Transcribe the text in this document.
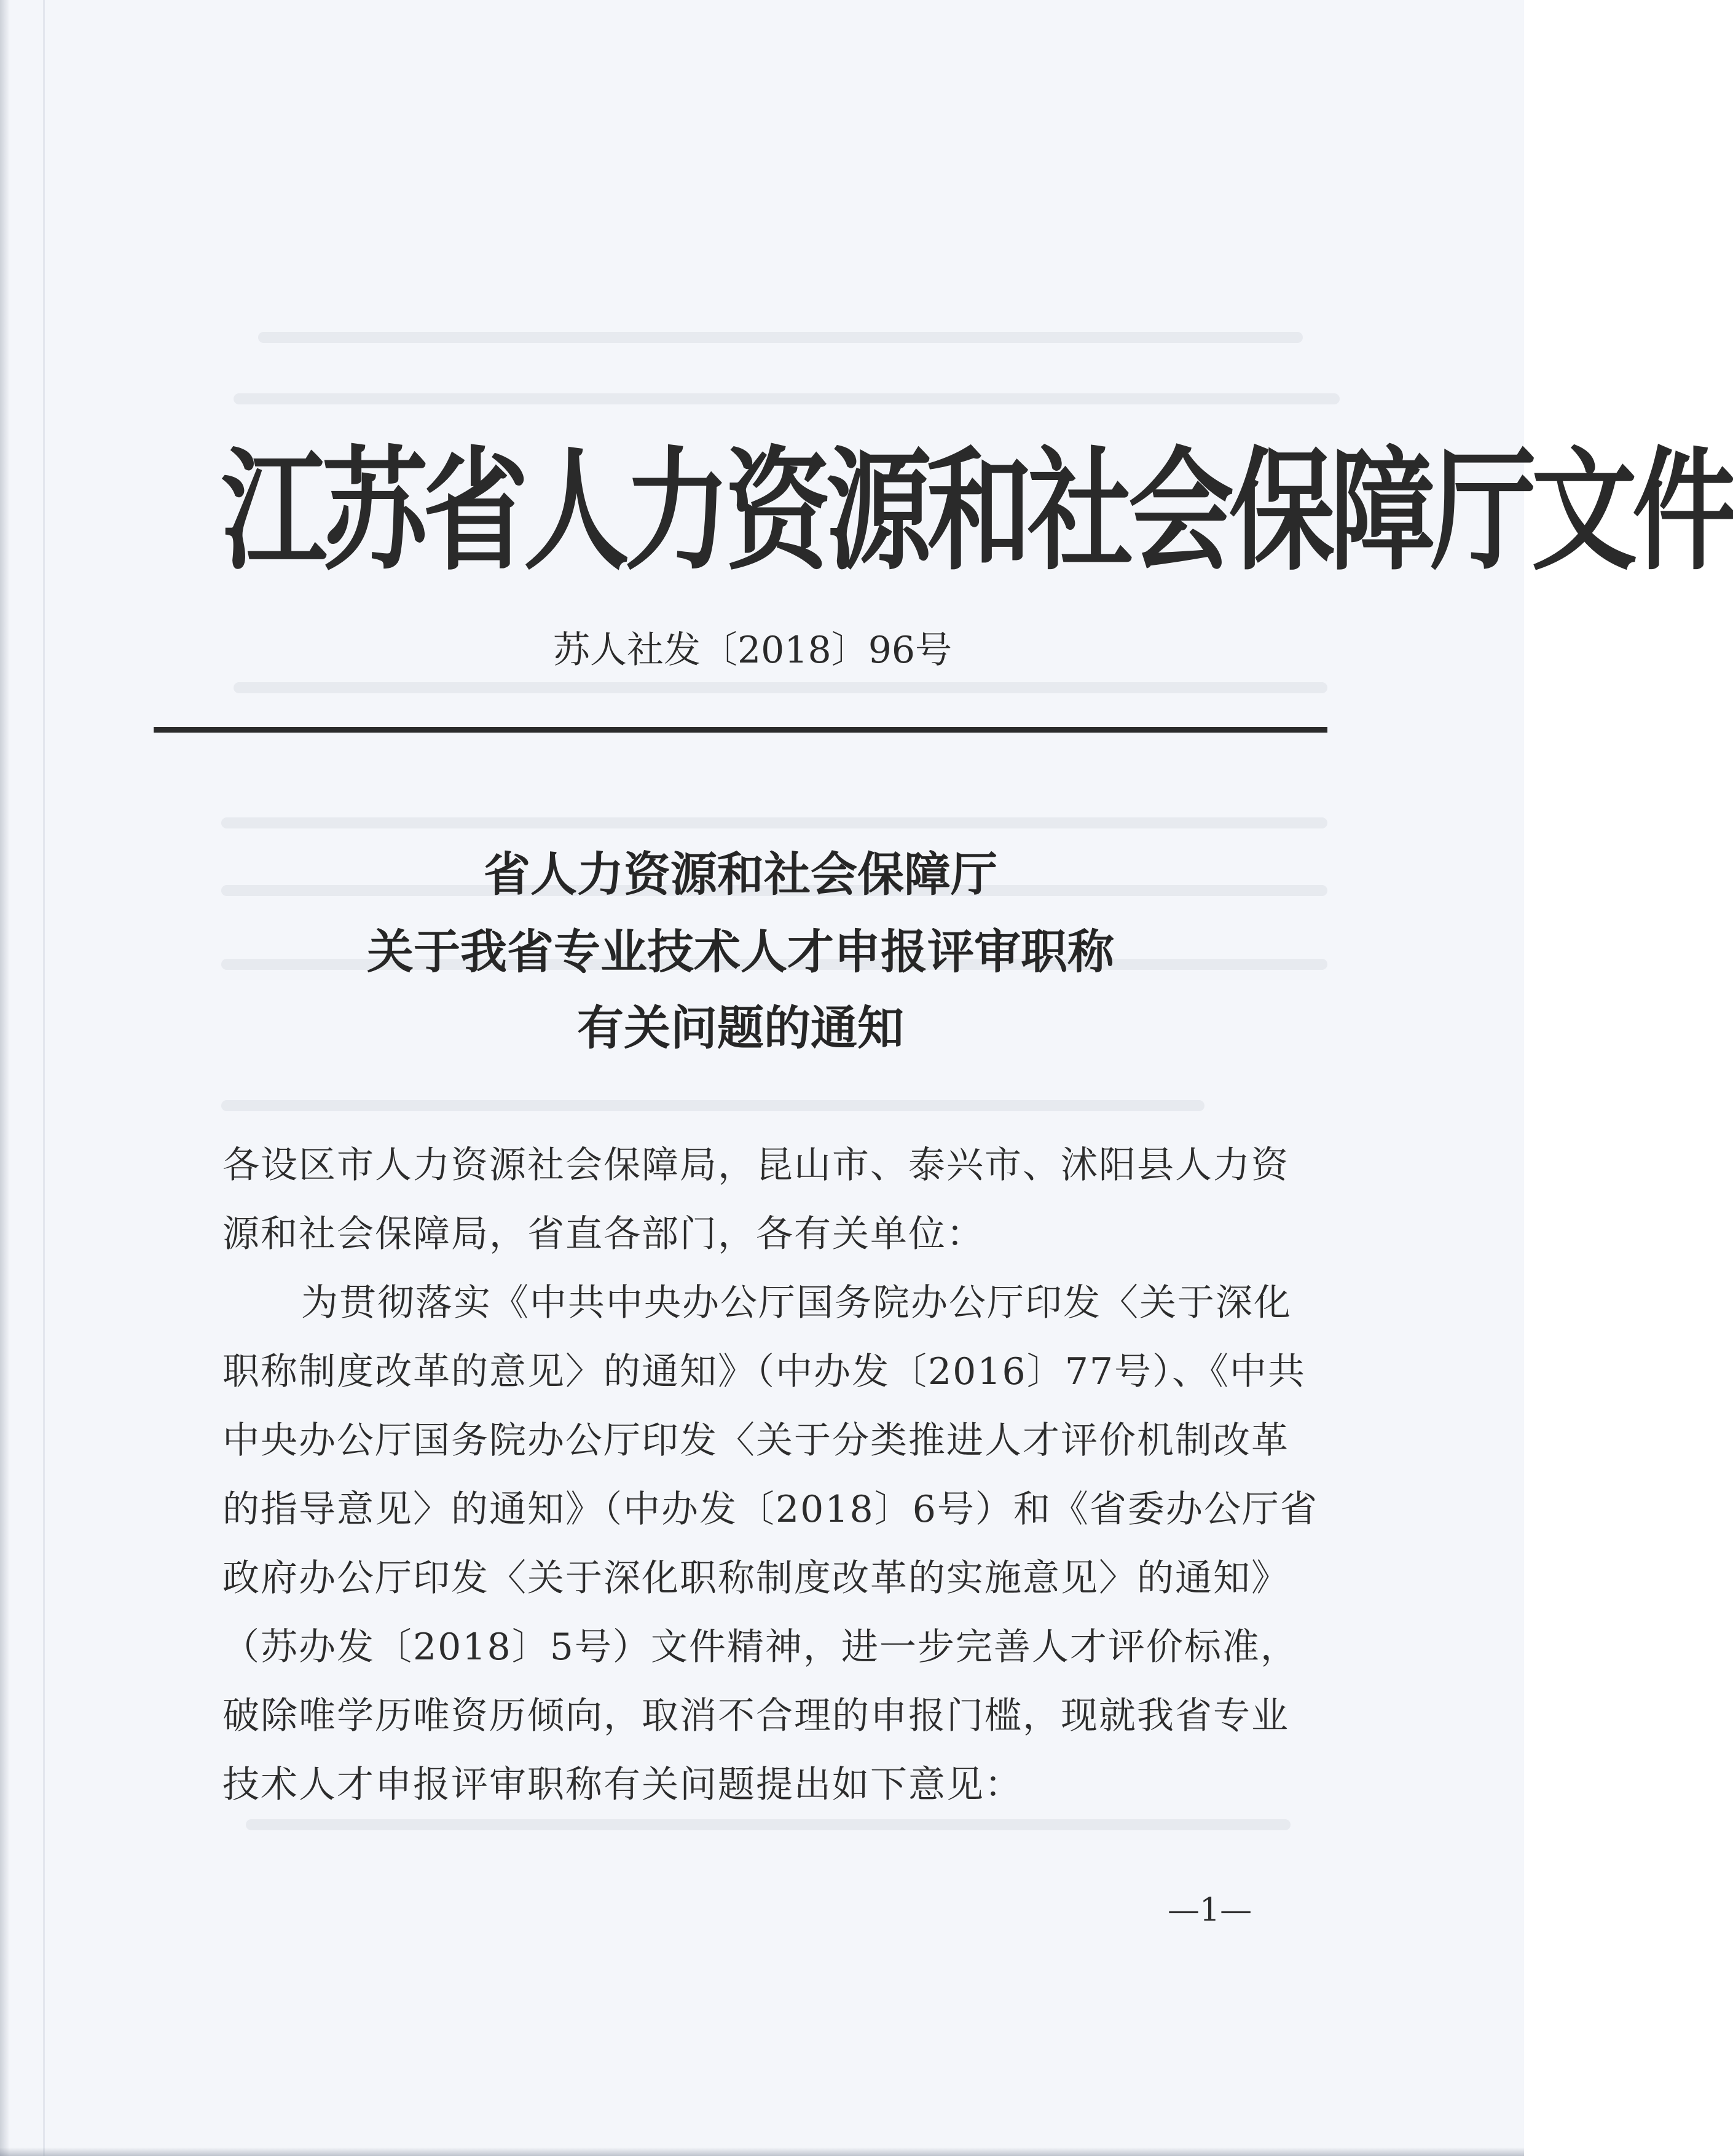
江苏省人力资源和社会保障厅文件
苏人社发〔2018〕96号
省人力资源和社会保障厅
关于我省专业技术人才申报评审职称
有关问题的通知
各设区市人力资源社会保障局，昆山市、泰兴市、沭阳县人力资
源和社会保障局，省直各部门，各有关单位：
为贯彻落实《中共中央办公厅国务院办公厅印发〈关于深化
职称制度改革的意见〉的通知》（中办发〔2016〕77号）、《中共
中央办公厅国务院办公厅印发〈关于分类推进人才评价机制改革
的指导意见〉的通知》（中办发〔2018〕6号）和《省委办公厅省
政府办公厅印发〈关于深化职称制度改革的实施意见〉的通知》
（苏办发〔2018〕5号）文件精神，进一步完善人才评价标准，
破除唯学历唯资历倾向，取消不合理的申报门槛，现就我省专业
技术人才申报评审职称有关问题提出如下意见：
—1—
